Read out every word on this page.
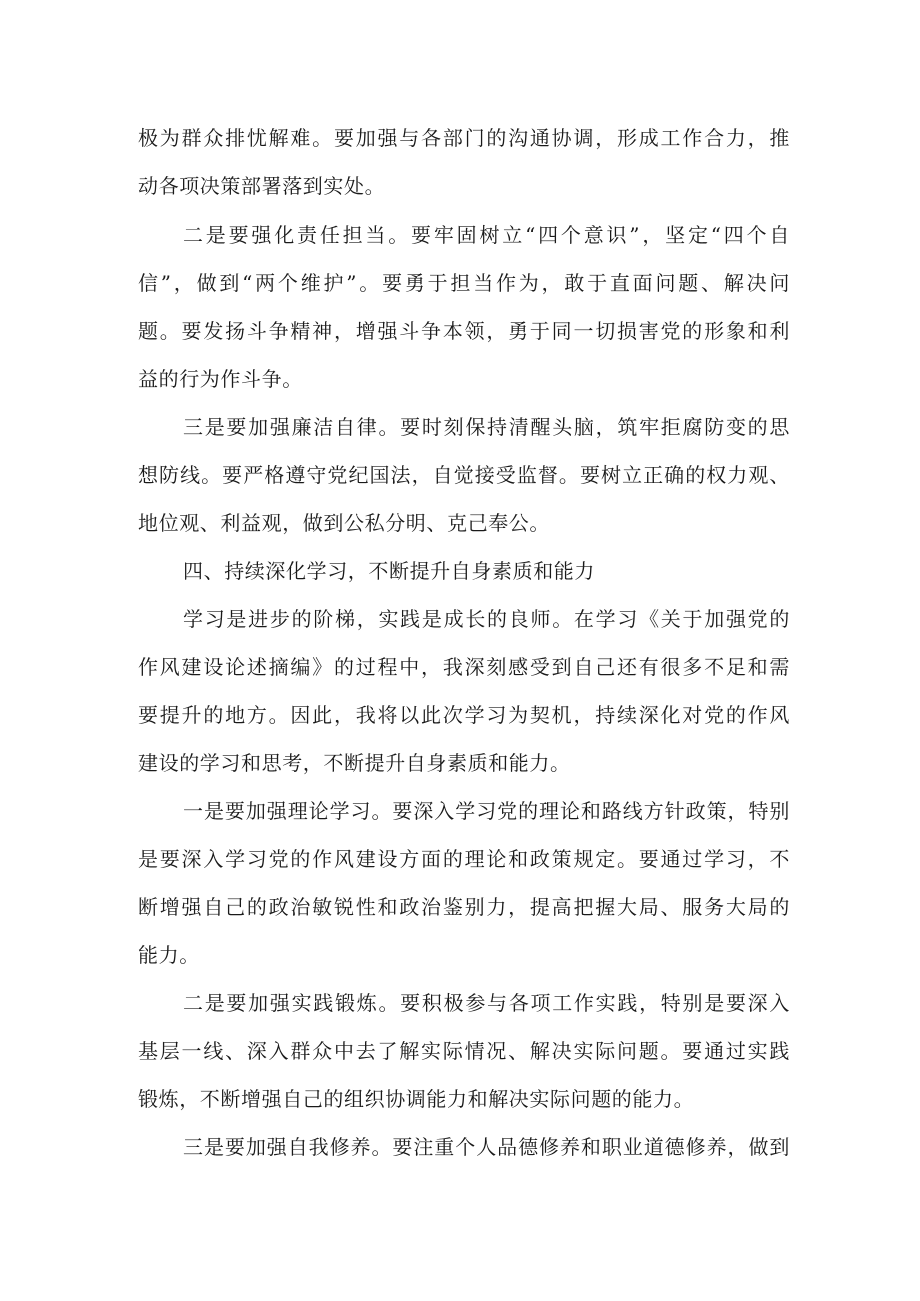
极为群众排忧解难。要加强与各部门的沟通协调，形成工作合力，推
动各项决策部署落到实处。
二是要强化责任担当。要牢固树立“四个意识”，坚定“四个自
信”，做到“两个维护”。要勇于担当作为，敢于直面问题、解决问
题。要发扬斗争精神，增强斗争本领，勇于同一切损害党的形象和利
益的行为作斗争。
三是要加强廉洁自律。要时刻保持清醒头脑，筑牢拒腐防变的思
想防线。要严格遵守党纪国法，自觉接受监督。要树立正确的权力观、
地位观、利益观，做到公私分明、克己奉公。
四、持续深化学习，不断提升自身素质和能力
学习是进步的阶梯，实践是成长的良师。在学习《关于加强党的
作风建设论述摘编》的过程中，我深刻感受到自己还有很多不足和需
要提升的地方。因此，我将以此次学习为契机，持续深化对党的作风
建设的学习和思考，不断提升自身素质和能力。
一是要加强理论学习。要深入学习党的理论和路线方针政策，特别
是要深入学习党的作风建设方面的理论和政策规定。要通过学习，不
断增强自己的政治敏锐性和政治鉴别力，提高把握大局、服务大局的
能力。
二是要加强实践锻炼。要积极参与各项工作实践，特别是要深入
基层一线、深入群众中去了解实际情况、解决实际问题。要通过实践
锻炼，不断增强自己的组织协调能力和解决实际问题的能力。
三是要加强自我修养。要注重个人品德修养和职业道德修养，做到
